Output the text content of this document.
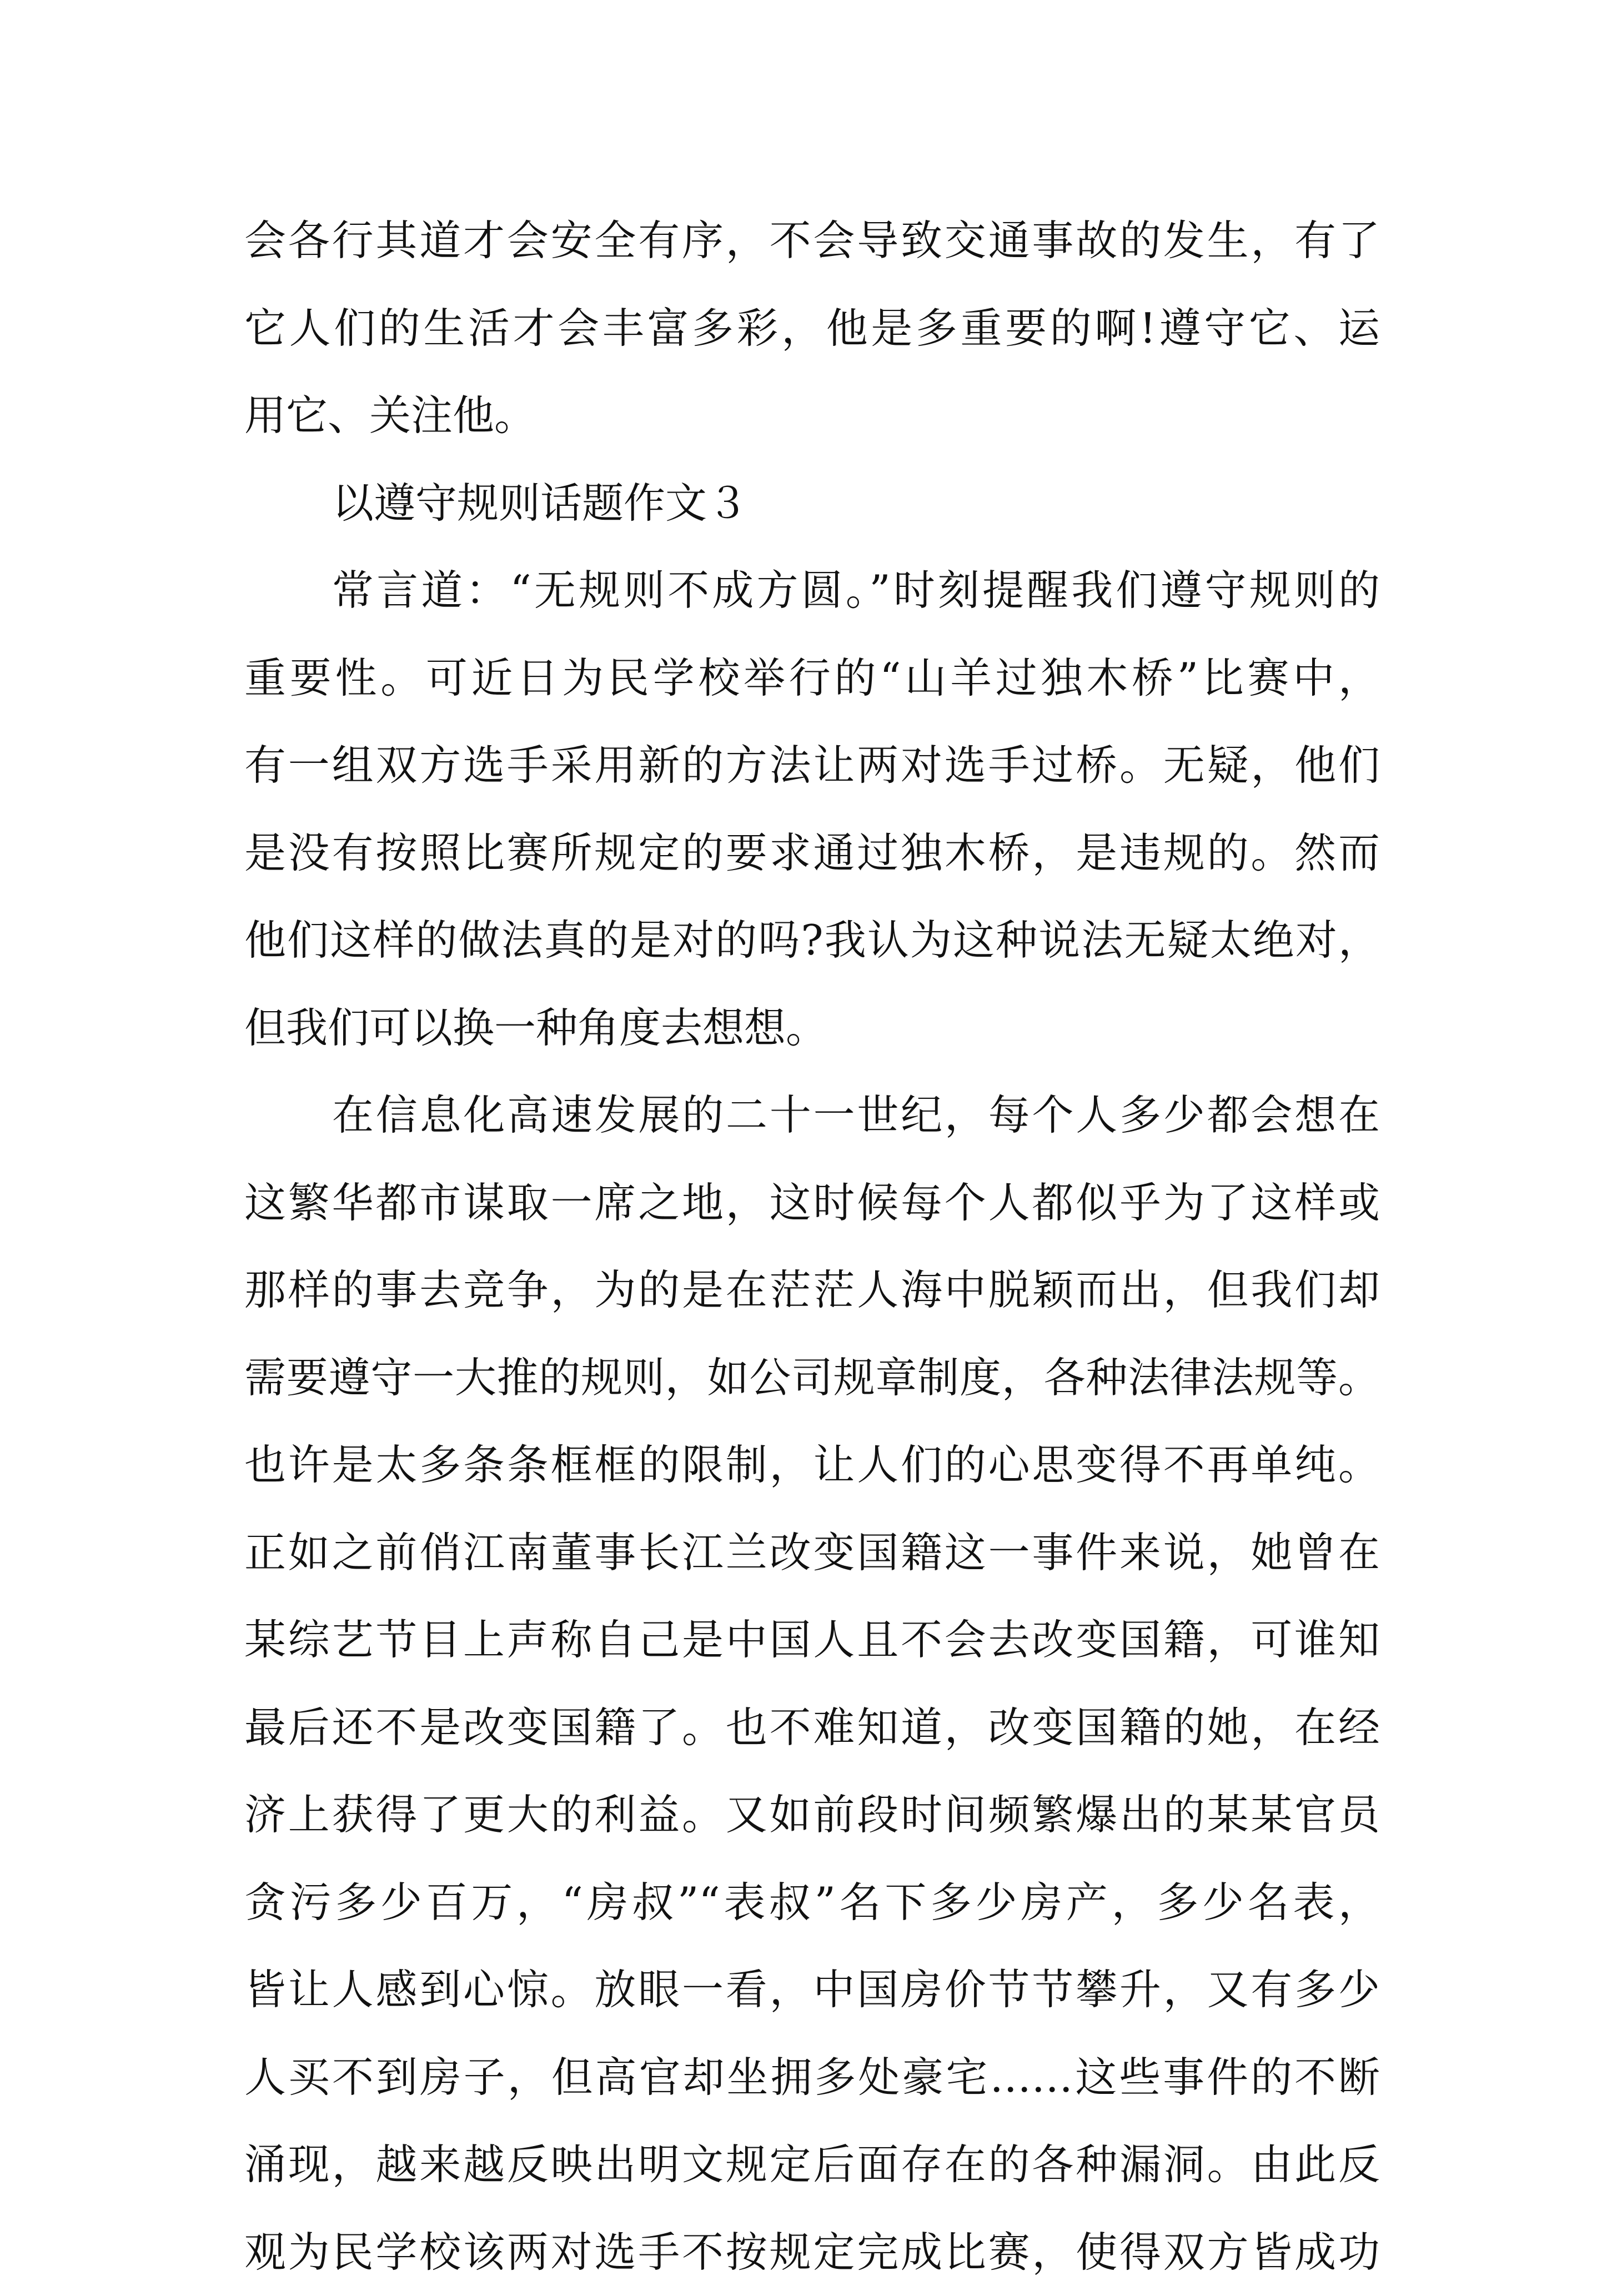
会各行其道才会安全有序，不会导致交通事故的发生，有了
它人们的生活才会丰富多彩，他是多重要的啊!遵守它、运
用它、关注他。
以遵守规则话题作文３
常言道：“无规则不成方圆。”时刻提醒我们遵守规则的
重要性。可近日为民学校举行的“山羊过独木桥”比赛中，
有一组双方选手采用新的方法让两对选手过桥。无疑，他们
是没有按照比赛所规定的要求通过独木桥，是违规的。然而
他们这样的做法真的是对的吗?我认为这种说法无疑太绝对，
但我们可以换一种角度去想想。
在信息化高速发展的二十一世纪，每个人多少都会想在
这繁华都市谋取一席之地，这时候每个人都似乎为了这样或
那样的事去竞争，为的是在茫茫人海中脱颖而出，但我们却
需要遵守一大推的规则，如公司规章制度，各种法律法规等。
也许是太多条条框框的限制，让人们的心思变得不再单纯。
正如之前俏江南董事长江兰改变国籍这一事件来说，她曾在
某综艺节目上声称自己是中国人且不会去改变国籍，可谁知
最后还不是改变国籍了。也不难知道，改变国籍的她，在经
济上获得了更大的利益。又如前段时间频繁爆出的某某官员
贪污多少百万，“房叔”“表叔”名下多少房产，多少名表，
皆让人感到心惊。放眼一看，中国房价节节攀升，又有多少
人买不到房子，但高官却坐拥多处豪宅……这些事件的不断
涌现，越来越反映出明文规定后面存在的各种漏洞。由此反
观为民学校该两对选手不按规定完成比赛，使得双方皆成功
